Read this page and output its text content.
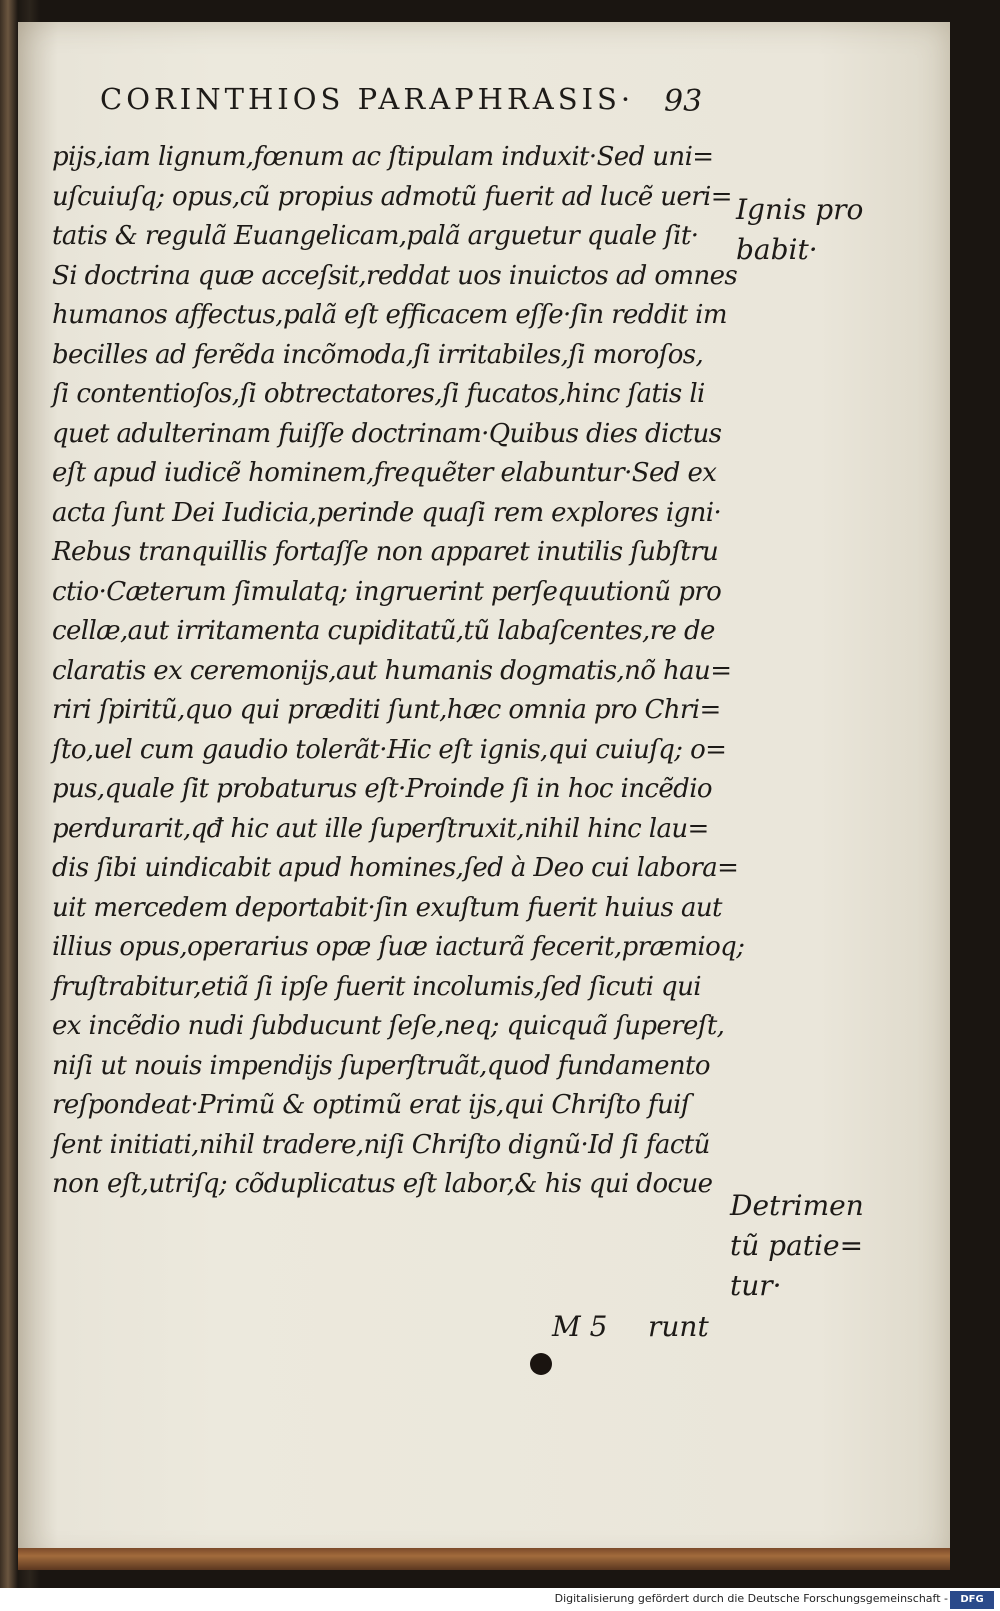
CORINTHIOS PARAPHRASIS· 93
pijs,iam lignum,fœnum ac ſtipulam induxit·Sed uni=
uſcuiuſq; opus,cũ propius admotũ fuerit ad lucẽ ueri=
tatis & regulã Euangelicam,palã arguetur quale ſit·
Si doctrina quæ acceſsit,reddat uos inuictos ad omnes
humanos affectus,palã eſt efficacem eſſe·ſin reddit im
becilles ad ferẽda incõmoda,ſi irritabiles,ſi moroſos,
ſi contentioſos,ſi obtrectatores,ſi fucatos,hinc ſatis li
quet adulterinam fuiſſe doctrinam·Quibus dies dictus
eſt apud iudicẽ hominem,frequẽter elabuntur·Sed ex
acta ſunt Dei Iudicia,perinde quaſi rem explores igni·
Rebus tranquillis fortaſſe non apparet inutilis ſubſtru
ctio·Cæterum ſimulatq; ingruerint perſequutionũ pro
cellæ,aut irritamenta cupiditatũ,tũ labaſcentes,re de
claratis ex ceremonijs,aut humanis dogmatis,nõ hau=
riri ſpiritũ,quo qui præditi ſunt,hæc omnia pro Chri=
ſto,uel cum gaudio tolerãt·Hic eſt ignis,qui cuiuſq; o=
pus,quale ſit probaturus eſt·Proinde ſi in hoc incẽdio
perdurarit,qđ hic aut ille ſuperſtruxit,nihil hinc lau=
dis ſibi uindicabit apud homines,ſed à Deo cui labora=
uit mercedem deportabit·ſin exuſtum fuerit huius aut
illius opus,operarius opæ ſuæ iacturã fecerit,præmioq;
fruſtrabitur,etiã ſi ipſe fuerit incolumis,ſed ſicuti qui
ex incẽdio nudi ſubducunt ſeſe,neq; quicquã ſupereſt,
niſi ut nouis impendijs ſuperſtruãt,quod fundamento
reſpondeat·Primũ & optimũ erat ijs,qui Chriſto fuiſ
ſent initiati,nihil tradere,niſi Chriſto dignũ·Id ſi factũ
non eſt,utriſq; cõduplicatus eſt labor,& his qui docue
Ignis pro
babit·
Detrimen
tũ patie=
tur·
M 5 runt
Digitalisierung gefördert durch die Deutsche Forschungsgemeinschaft -	DFG
